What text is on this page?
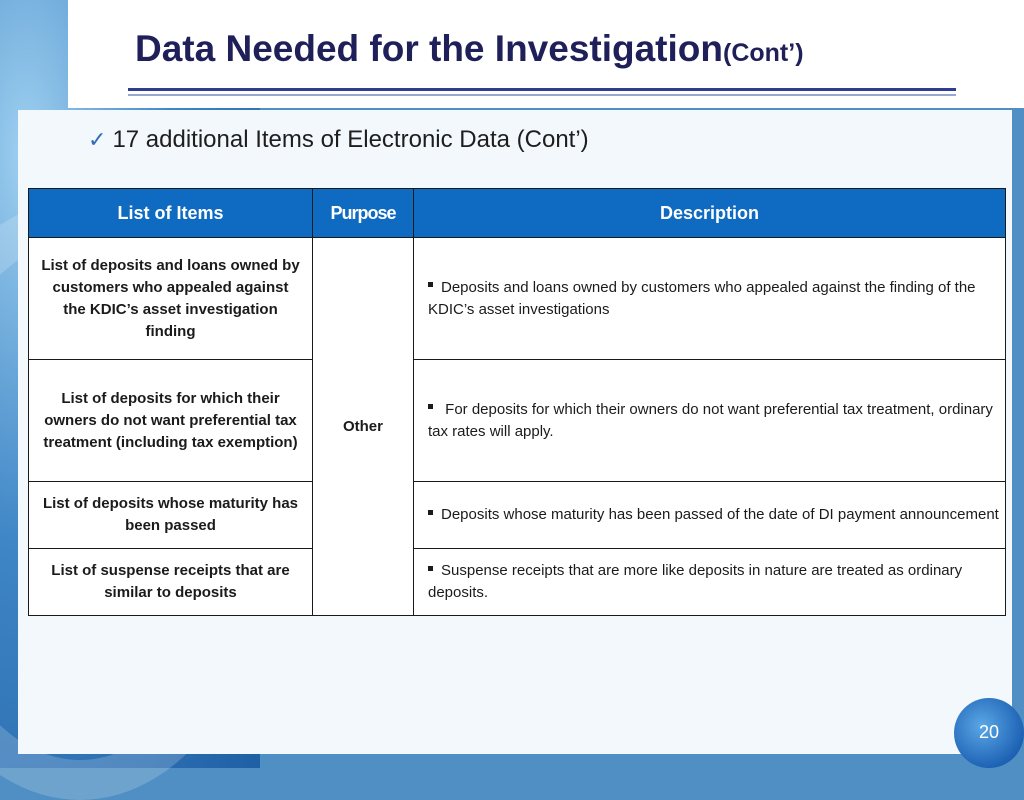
Data Needed for the Investigation(Cont’)
✓ 17 additional Items of Electronic Data (Cont’)
List of Items	Purpose	Description
List of deposits and loans owned by customers who appealed against the KDIC’s asset investigation finding	Other	Deposits and loans owned by customers who appealed against the finding of the KDIC’s asset investigations
List of deposits for which their owners do not want preferential tax treatment (including tax exemption)		For deposits for which their owners do not want preferential tax treatment, ordinary tax rates will apply.
List of deposits whose maturity has been passed		Deposits whose maturity has been passed of the date of DI payment announcement
List of suspense receipts that are similar to deposits		Suspense receipts that are more like deposits in nature are treated as ordinary deposits.
20
